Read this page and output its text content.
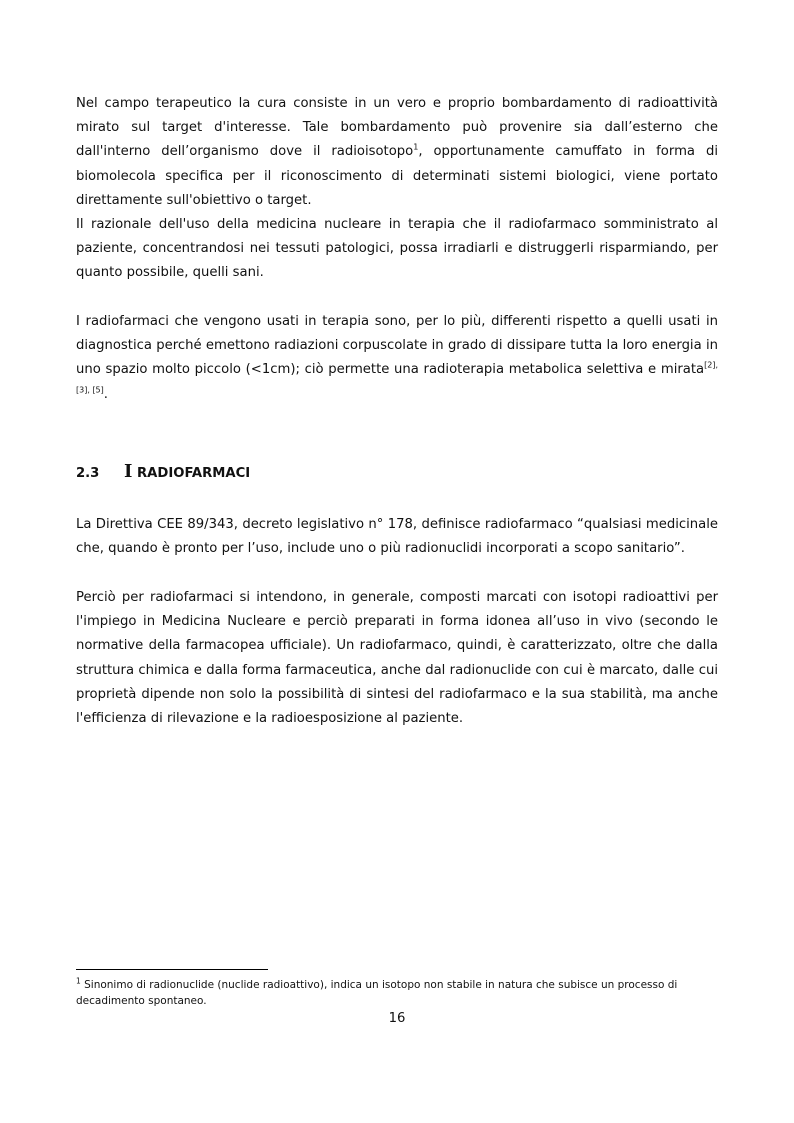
Nel campo terapeutico la cura consiste in un vero e proprio bombardamento di radioattività mirato sul target d'interesse. Tale bombardamento può provenire sia dall’esterno che dall'interno dell’organismo dove il radioisotopo$^1$, opportunamente camuffato in forma di biomolecola specifica per il riconoscimento di determinati sistemi biologici, viene portato direttamente sull'obiettivo o target.

Il razionale dell'uso della medicina nucleare in terapia che il radiofarmaco somministrato al paziente, concentrandosi nei tessuti patologici, possa irradiarli e distruggerli risparmiando, per quanto possibile, quelli sani.

I radiofarmaci che vengono usati in terapia sono, per lo più, differenti rispetto a quelli usati in diagnostica perché emettono radiazioni corpuscolate in grado di dissipare tutta la loro energia in uno spazio molto piccolo (<1cm); ciò permette una radioterapia metabolica selettiva e mirata[2], [3], [5].

2.3 I RADIOFARMACI

La Direttiva CEE 89/343, decreto legislativo n° 178, definisce radiofarmaco “qualsiasi medicinale che, quando è pronto per l’uso, include uno o più radionuclidi incorporati a scopo sanitario”.

Perciò per radiofarmaci si intendono, in generale, composti marcati con isotopi radioattivi per l'impiego in Medicina Nucleare e perciò preparati in forma idonea all’uso in vivo (secondo le normative della farmacopea ufficiale). Un radiofarmaco, quindi, è caratterizzato, oltre che dalla struttura chimica e dalla forma farmaceutica, anche dal radionuclide con cui è marcato, dalle cui proprietà dipende non solo la possibilità di sintesi del radiofarmaco e la sua stabilità, ma anche l'efficienza di rilevazione e la radioesposizione al paziente.

$^1$ Sinonimo di radionuclide (nuclide radioattivo), indica un isotopo non stabile in natura che subisce un processo di decadimento spontaneo.

16
